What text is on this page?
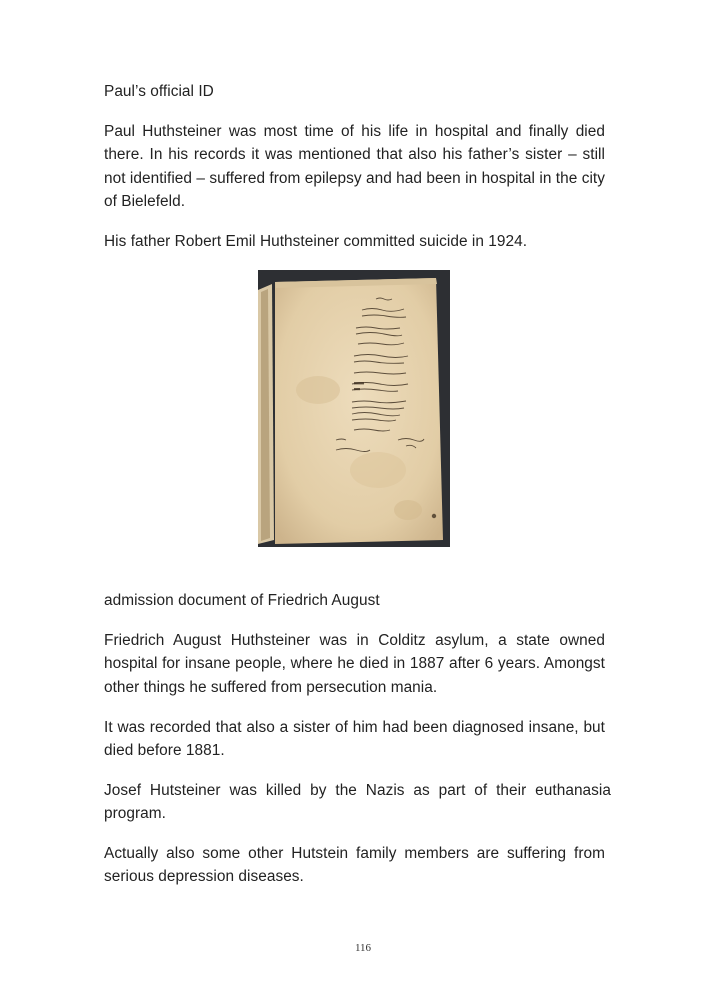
Paul’s official ID

Paul Huthsteiner was most time of his life in hospital and finally died there. In his records it was mentioned that also his father’s sister – still not identified – suffered from epilepsy and had been in hospital in the city of Bielefeld.

His father Robert Emil Huthsteiner committed suicide in 1924.

admission document of Friedrich August

Friedrich August Huthsteiner was in Colditz asylum, a state owned hospital for insane people, where he died in 1887 after 6 years. Amongst other things he suffered from persecution mania.

It was recorded that also a sister of him had been diagnosed insane, but died before 1881.

Josef Hutsteiner was killed by the Nazis as part of their euthanasia program.

Actually also some other Hutstein family members are suffering from serious depression diseases.

116
